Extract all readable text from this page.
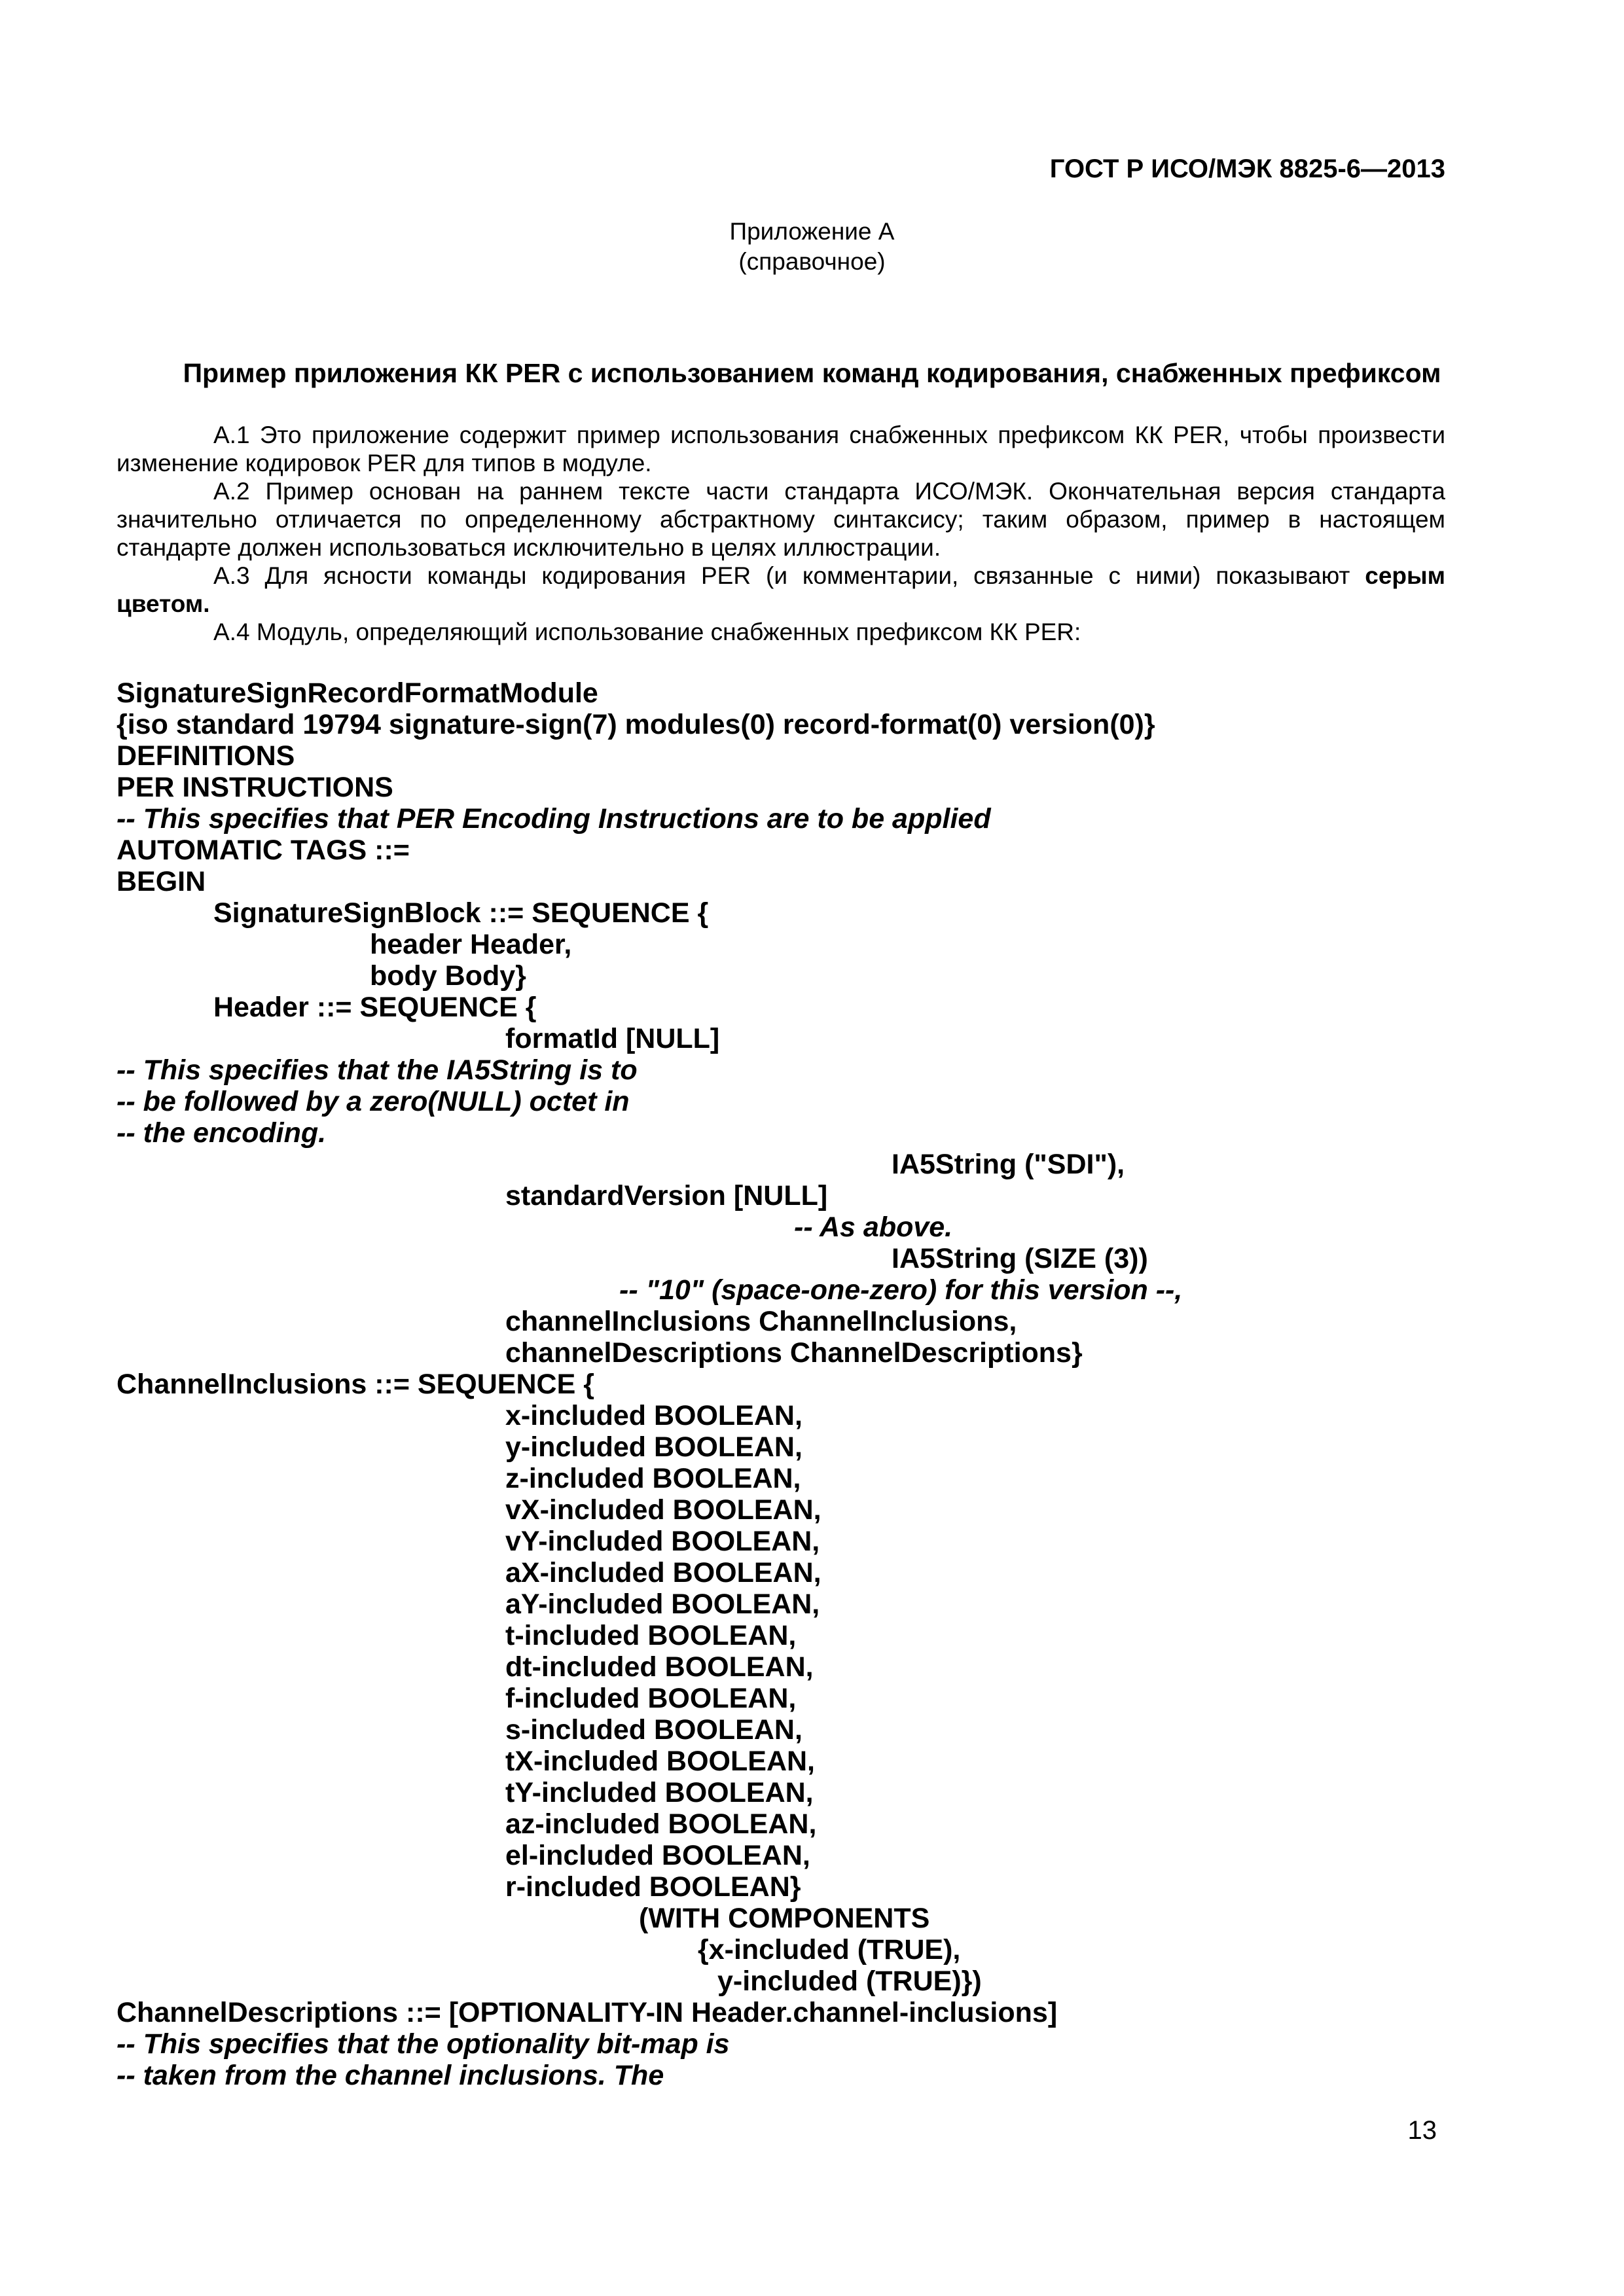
ГОСТ Р ИСО/МЭК 8825-6—2013
Приложение А
(справочное)
Пример приложения КК PER с использованием команд кодирования, снабженных префиксом

А.1 Это приложение содержит пример использования снабженных префиксом КК PER, чтобы произвести изменение кодировок PER для типов в модуле.

А.2 Пример основан на раннем тексте части стандарта ИСО/МЭК. Окончательная версия стандарта значительно отличается по определенному абстрактному синтаксису; таким образом, пример в настоящем стандарте должен использоваться исключительно в целях иллюстрации.

А.3 Для ясности команды кодирования PER (и комментарии, связанные с ними) показывают серым цветом.

А.4 Модуль, определяющий использование снабженных префиксом КК PER:

SignatureSignRecordFormatModule
{iso standard 19794 signature-sign(7) modules(0) record-format(0) version(0)}
DEFINITIONS
PER INSTRUCTIONS
-- This specifies that PER Encoding Instructions are to be applied
AUTOMATIC TAGS ::=
BEGIN
SignatureSignBlock ::= SEQUENCE {
header Header,
body Body}
Header ::= SEQUENCE {
formatId [NULL]
-- This specifies that the IA5String is to
-- be followed by a zero(NULL) octet in
-- the encoding.
IA5String ("SDI"),
standardVersion [NULL]
-- As above.
IA5String (SIZE (3))
-- "10" (space-one-zero) for this version --,
channelInclusions ChannelInclusions,
channelDescriptions ChannelDescriptions}
ChannelInclusions ::= SEQUENCE {
x-included BOOLEAN,
y-included BOOLEAN,
z-included BOOLEAN,
vX-included BOOLEAN,
vY-included BOOLEAN,
aX-included BOOLEAN,
aY-included BOOLEAN,
t-included BOOLEAN,
dt-included BOOLEAN,
f-included BOOLEAN,
s-included BOOLEAN,
tX-included BOOLEAN,
tY-included BOOLEAN,
az-included BOOLEAN,
el-included BOOLEAN,
r-included BOOLEAN}
(WITH COMPONENTS
{x-included (TRUE),
y-included (TRUE)})
ChannelDescriptions ::= [OPTIONALITY-IN Header.channel-inclusions]
-- This specifies that the optionality bit-map is
-- taken from the channel inclusions. The
13
